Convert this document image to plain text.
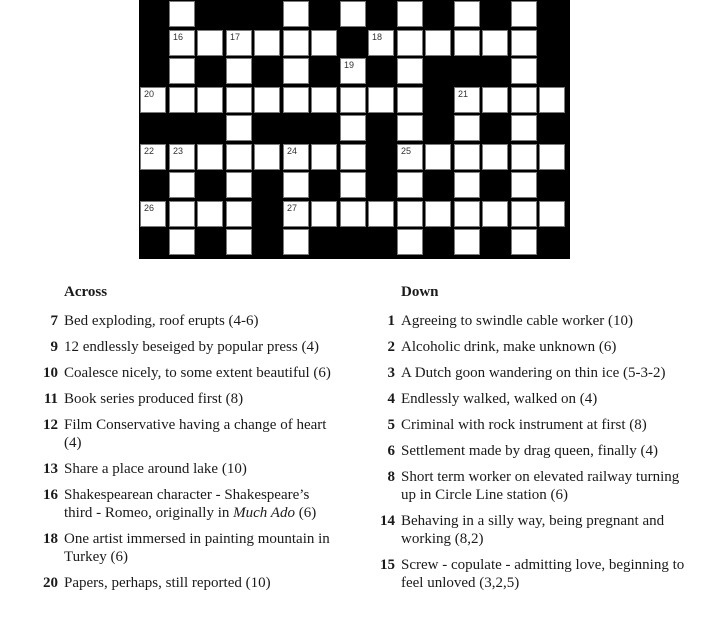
16	17	18
19
20	21
22 23	24	25
26	27
Across
7 Bed exploding, roof erupts (4-6)
9 12 endlessly beseiged by popular press (4)
10 Coalesce nicely, to some extent beautiful (6)
11 Book series produced first (8)
12 Film Conservative having a change of heart (4)
13 Share a place around lake (10)
16 Shakespearean character - Shakespeare’s third - Romeo, originally in Much Ado (6)
18 One artist immersed in painting mountain in Turkey (6)
20 Papers, perhaps, still reported (10)
Down
1 Agreeing to swindle cable worker (10)
2 Alcoholic drink, make unknown (6)
3 A Dutch goon wandering on thin ice (5-3-2)
4 Endlessly walked, walked on (4)
5 Criminal with rock instrument at first (8)
6 Settlement made by drag queen, finally (4)
8 Short term worker on elevated railway turning up in Circle Line station (6)
14 Behaving in a silly way, being pregnant and working (8,2)
15 Screw - copulate - admitting love, beginning to feel unloved (3,2,5)
